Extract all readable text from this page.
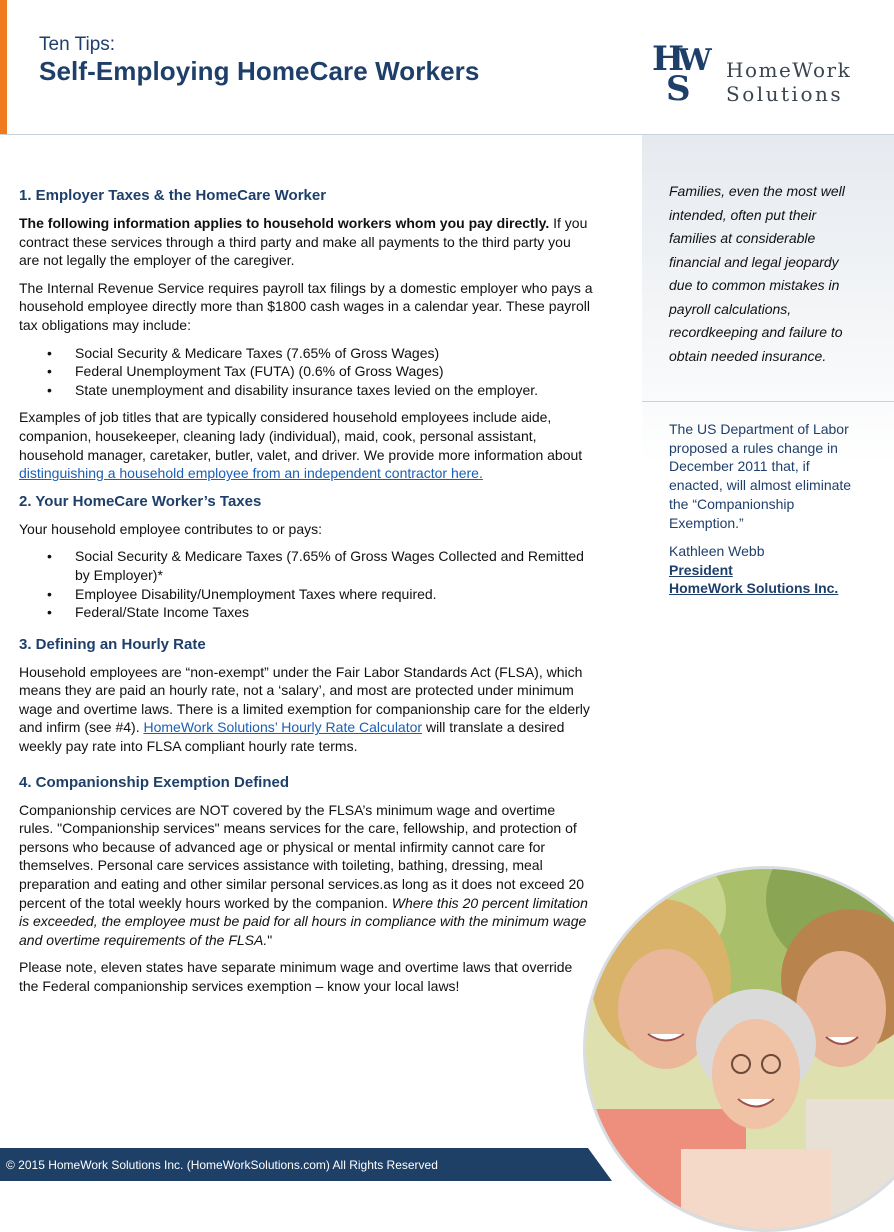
Ten Tips:
Self-Employing HomeCare Workers	H
S
W HomeWork
Solutions
Families, even the most well intended, often put their families at considerable financial and legal jeopardy due to common mistakes in payroll calculations, recordkeeping and failure to obtain needed insurance.
The US Department of Labor proposed a rules change in December 2011 that, if enacted, will almost eliminate the “Companionship Exemption.”
Kathleen Webb
President
HomeWork Solutions Inc.
1. Employer Taxes & the HomeCare Worker

The following information applies to household workers whom you pay directly. If you contract these services through a third party and make all payments to the third party you are not legally the employer of the caregiver.

The Internal Revenue Service requires payroll tax filings by a domestic employer who pays a household employee directly more than $1800 cash wages in a calendar year. These payroll tax obligations may include:

• Social Security & Medicare Taxes (7.65% of Gross Wages)
• Federal Unemployment Tax (FUTA) (0.6% of Gross Wages)
• State unemployment and disability insurance taxes levied on the employer.

Examples of job titles that are typically considered household employees include aide, companion, housekeeper, cleaning lady (individual), maid, cook, personal assistant, household manager, caretaker, butler, valet, and driver. We provide more information about distinguishing a household employee from an independent contractor here.

2. Your HomeCare Worker’s Taxes

Your household employee contributes to or pays:

• Social Security & Medicare Taxes (7.65% of Gross Wages Collected and Remitted by Employer)*
• Employee Disability/Unemployment Taxes where required.
• Federal/State Income Taxes
3. Defining an Hourly Rate

Household employees are “non-exempt” under the Fair Labor Standards Act (FLSA), which means they are paid an hourly rate, not a ‘salary’, and most are protected under minimum wage and overtime laws. There is a limited exemption for companionship care for the elderly and infirm (see #4). HomeWork Solutions’ Hourly Rate Calculator will translate a desired weekly pay rate into FLSA compliant hourly rate terms.

4. Companionship Exemption Defined

Companionship cervices are NOT covered by the FLSA’s minimum wage and overtime rules. "Companionship services" means services for the care, fellowship, and protection of persons who because of advanced age or physical or mental infirmity cannot care for themselves. Personal care services assistance with toileting, bathing, dressing, meal preparation and eating and other similar personal services.as long as it does not exceed 20 percent of the total weekly hours worked by the companion. Where this 20 percent limitation is exceeded, the employee must be paid for all hours in compliance with the minimum wage and overtime requirements of the FLSA."

Please note, eleven states have separate minimum wage and overtime laws that override the Federal companionship services exemption – know your local laws!

© 2015 HomeWork Solutions Inc. (HomeWorkSolutions.com) All Rights Reserved
